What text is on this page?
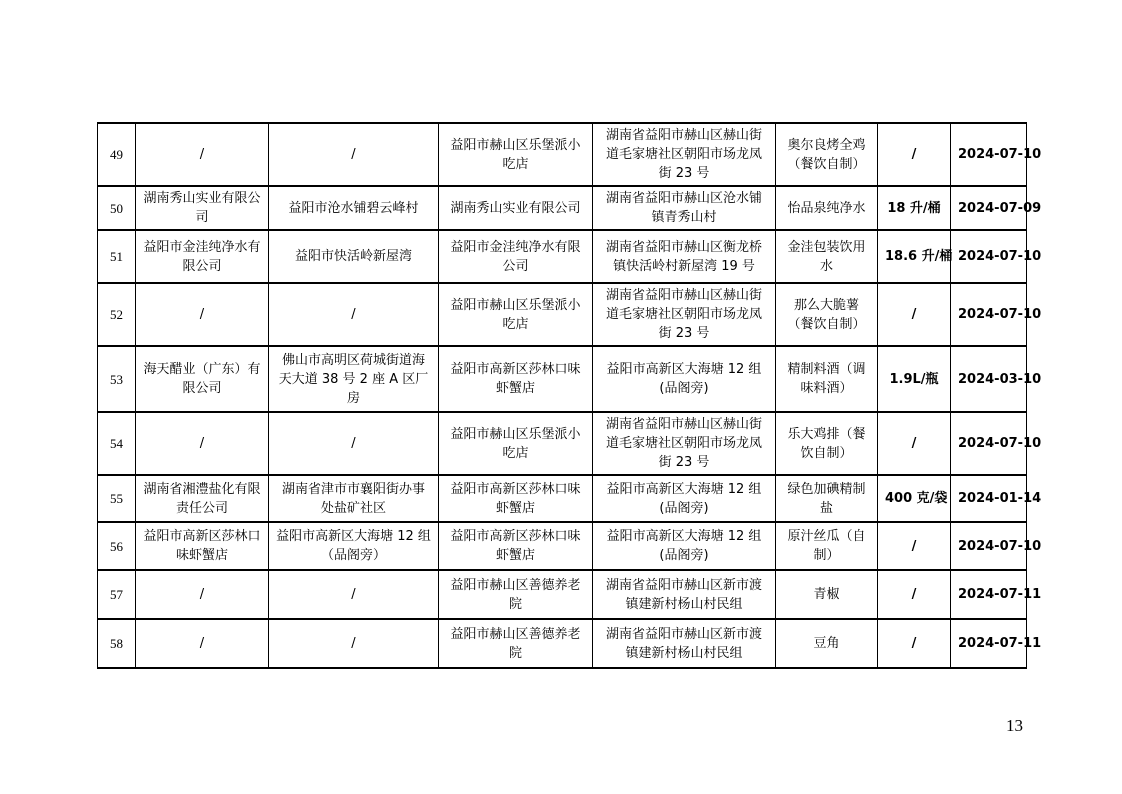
49	/	/	益阳市赫山区乐堡派小吃店	湖南省益阳市赫山区赫山街道毛家塘社区朝阳市场龙凤街 23 号	奥尔良烤全鸡（餐饮自制）	/	2024-07-10
50	湖南秀山实业有限公司	益阳市沧水铺碧云峰村	湖南秀山实业有限公司	湖南省益阳市赫山区沧水铺镇青秀山村	怡品泉纯净水	18 升/桶	2024-07-09
51	益阳市金洼纯净水有限公司	益阳市快活岭新屋湾	益阳市金洼纯净水有限公司	湖南省益阳市赫山区衡龙桥镇快活岭村新屋湾 19 号	金洼包装饮用水	18.6 升/桶	2024-07-10
52	/	/	益阳市赫山区乐堡派小吃店	湖南省益阳市赫山区赫山街道毛家塘社区朝阳市场龙凤街 23 号	那么大脆薯（餐饮自制）	/	2024-07-10
53	海天醋业（广东）有限公司	佛山市高明区荷城街道海天大道 38 号 2 座 A 区厂房	益阳市高新区莎林口味虾蟹店	益阳市高新区大海塘 12 组(品阁旁)	精制料酒（调味料酒）	1.9L/瓶	2024-03-10
54	/	/	益阳市赫山区乐堡派小吃店	湖南省益阳市赫山区赫山街道毛家塘社区朝阳市场龙凤街 23 号	乐大鸡排（餐饮自制）	/	2024-07-10
55	湖南省湘澧盐化有限责任公司	湖南省津市市襄阳街办事处盐矿社区	益阳市高新区莎林口味虾蟹店	益阳市高新区大海塘 12 组(品阁旁)	绿色加碘精制盐	400 克/袋	2024-01-14
56	益阳市高新区莎林口味虾蟹店	益阳市高新区大海塘 12 组（品阁旁）	益阳市高新区莎林口味虾蟹店	益阳市高新区大海塘 12 组(品阁旁)	原汁丝瓜（自制）	/	2024-07-10
57	/	/	益阳市赫山区善德养老院	湖南省益阳市赫山区新市渡镇建新村杨山村民组	青椒	/	2024-07-11
58	/	/	益阳市赫山区善德养老院	湖南省益阳市赫山区新市渡镇建新村杨山村民组	豆角	/	2024-07-11
13
